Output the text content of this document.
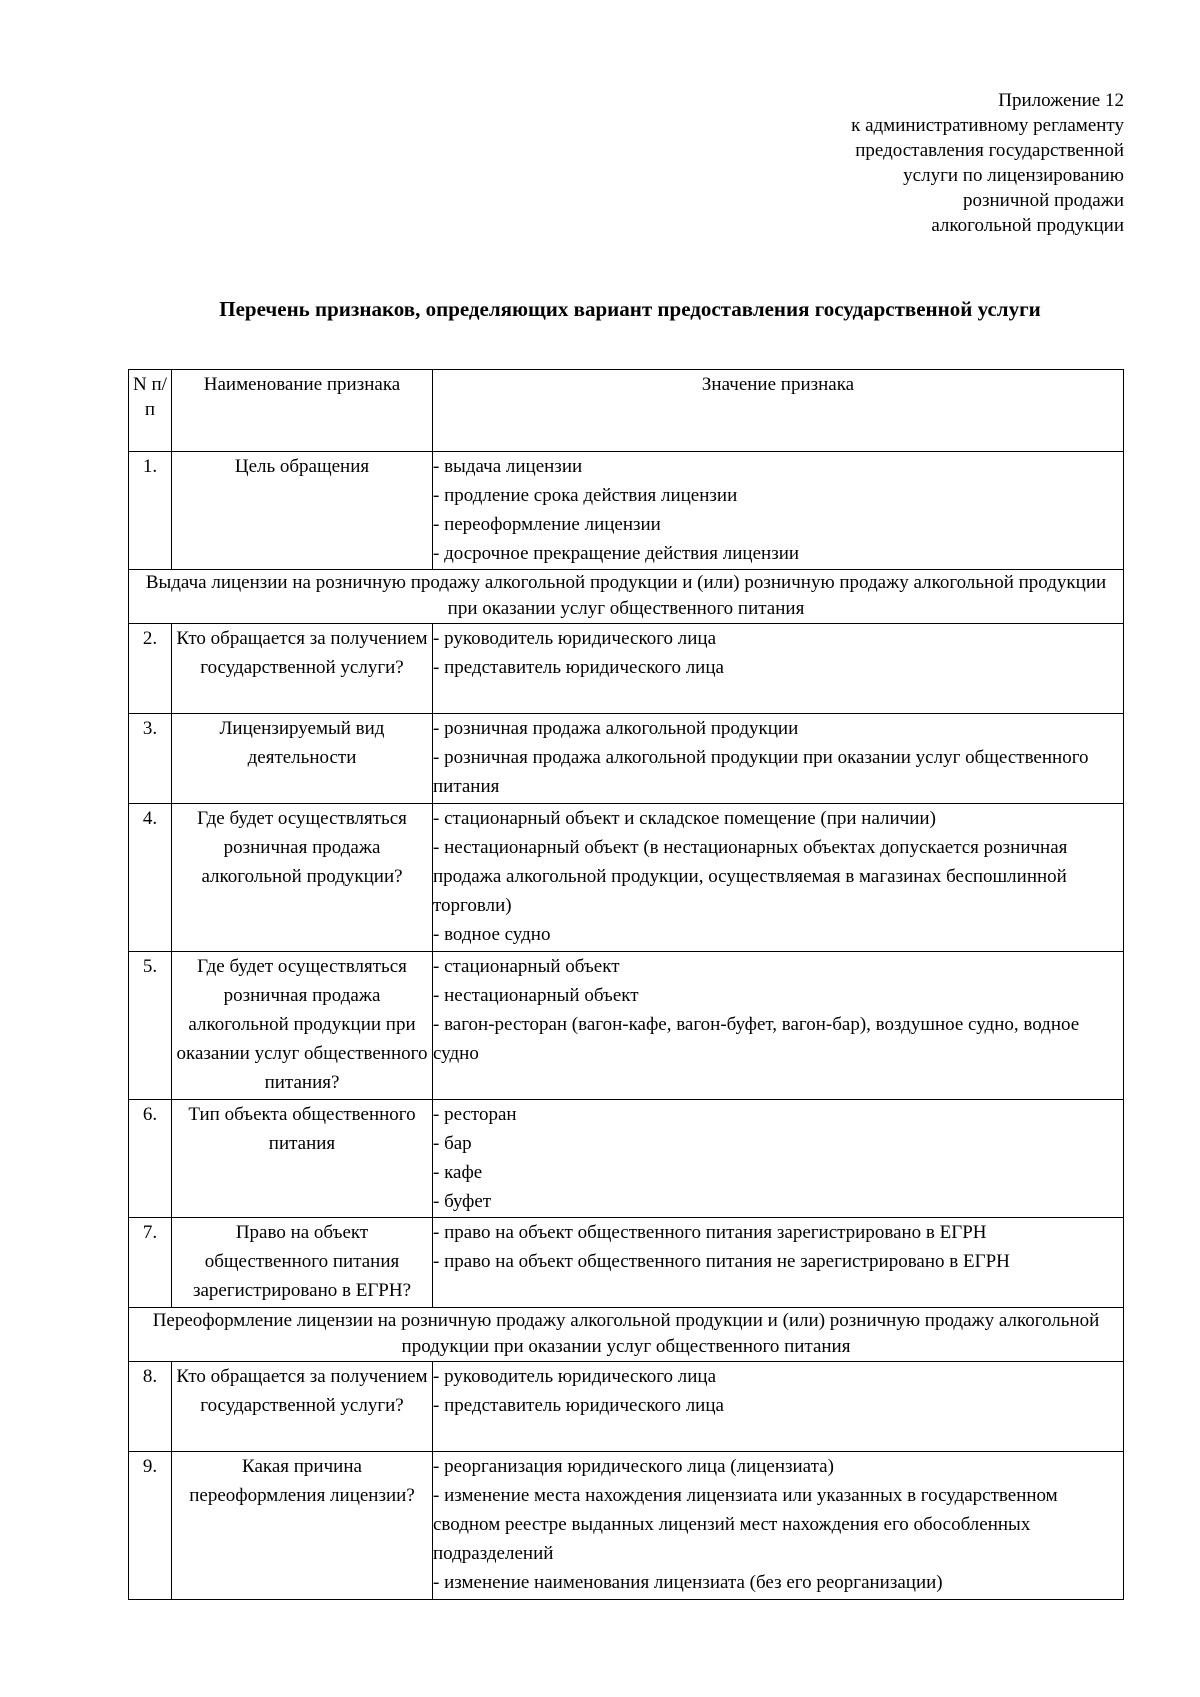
Приложение 12
к административному регламенту
предоставления государственной
услуги по лицензированию
розничной продажи
алкогольной продукции
Перечень признаков, определяющих вариант предоставления государственной услуги
N п/п	Наименование признака	Значение признака
1.	Цель обращения	- выдача лицензии
- продление срока действия лицензии
- переоформление лицензии
- досрочное прекращение действия лицензии

Выдача лицензии на розничную продажу алкогольной продукции и (или) розничную продажу алкогольной продукции при оказании услуг общественного питания		
2.	Кто обращается за получением государственной услуги?	- руководитель юридического лица
- представитель юридического лица

3.	Лицензируемый вид деятельности	- розничная продажа алкогольной продукции
- розничная продажа алкогольной продукции при оказании услуг общественного питания

4.	Где будет осуществляться розничная продажа алкогольной продукции?	- стационарный объект и складское помещение (при наличии)
- нестационарный объект (в нестационарных объектах допускается розничная продажа алкогольной продукции, осуществляемая в магазинах беспошлинной торговли)
- водное судно

5.	Где будет осуществляться розничная продажа алкогольной продукции при оказании услуг общественного питания?	- стационарный объект
- нестационарный объект
- вагон-ресторан (вагон-кафе, вагон-буфет, вагон-бар), воздушное судно, водное судно

6.	Тип объекта общественного питания	- ресторан
- бар
- кафе
- буфет

7.	Право на объект общественного питания зарегистрировано в ЕГРН?	- право на объект общественного питания зарегистрировано в ЕГРН
- право на объект общественного питания не зарегистрировано в ЕГРН

Переоформление лицензии на розничную продажу алкогольной продукции и (или) розничную продажу алкогольной продукции при оказании услуг общественного питания		
8.	Кто обращается за получением государственной услуги?	- руководитель юридического лица
- представитель юридического лица

9.	Какая причина переоформления лицензии?	- реорганизация юридического лица (лицензиата)
- изменение места нахождения лицензиата или указанных в государственном сводном реестре выданных лицензий мест нахождения его обособленных подразделений
- изменение наименования лицензиата (без его реорганизации)
